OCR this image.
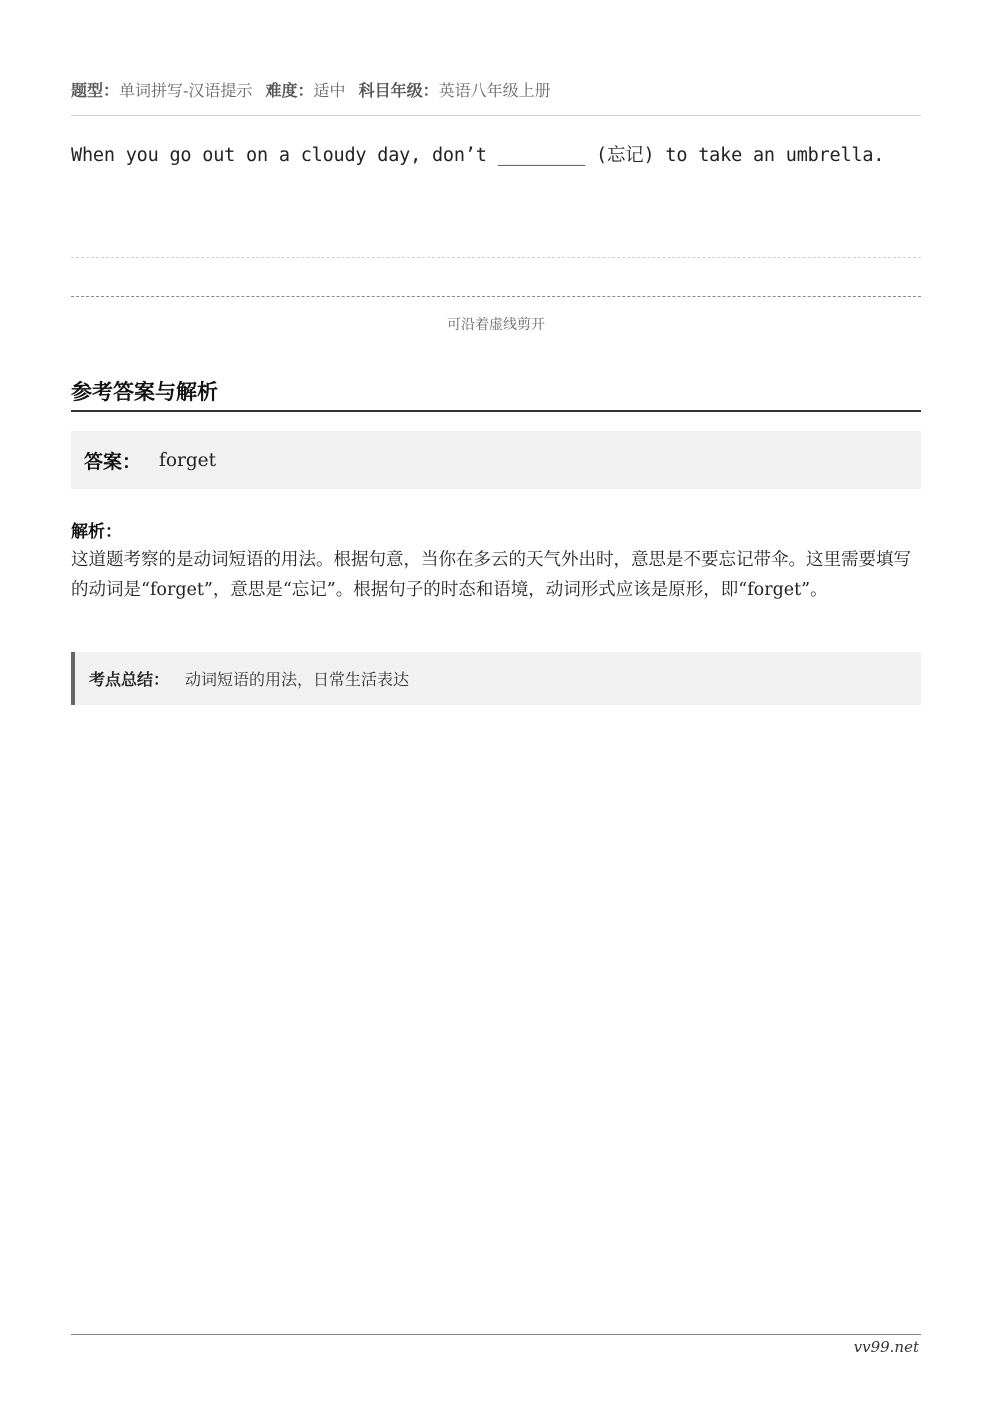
题型：单词拼写-汉语提示 难度：适中 科目年级：英语八年级上册
When you go out on a cloudy day, don’t ________ (忘记) to take an umbrella.
可沿着虚线剪开
参考答案与解析
答案： forget
解析：
这道题考察的是动词短语的用法。根据句意，当你在多云的天气外出时，意思是不要忘记带伞。这里需要填写的动词是“forget”，意思是“忘记”。根据句子的时态和语境，动词形式应该是原形，即“forget”。
考点总结： 动词短语的用法，日常生活表达
vv99.net
